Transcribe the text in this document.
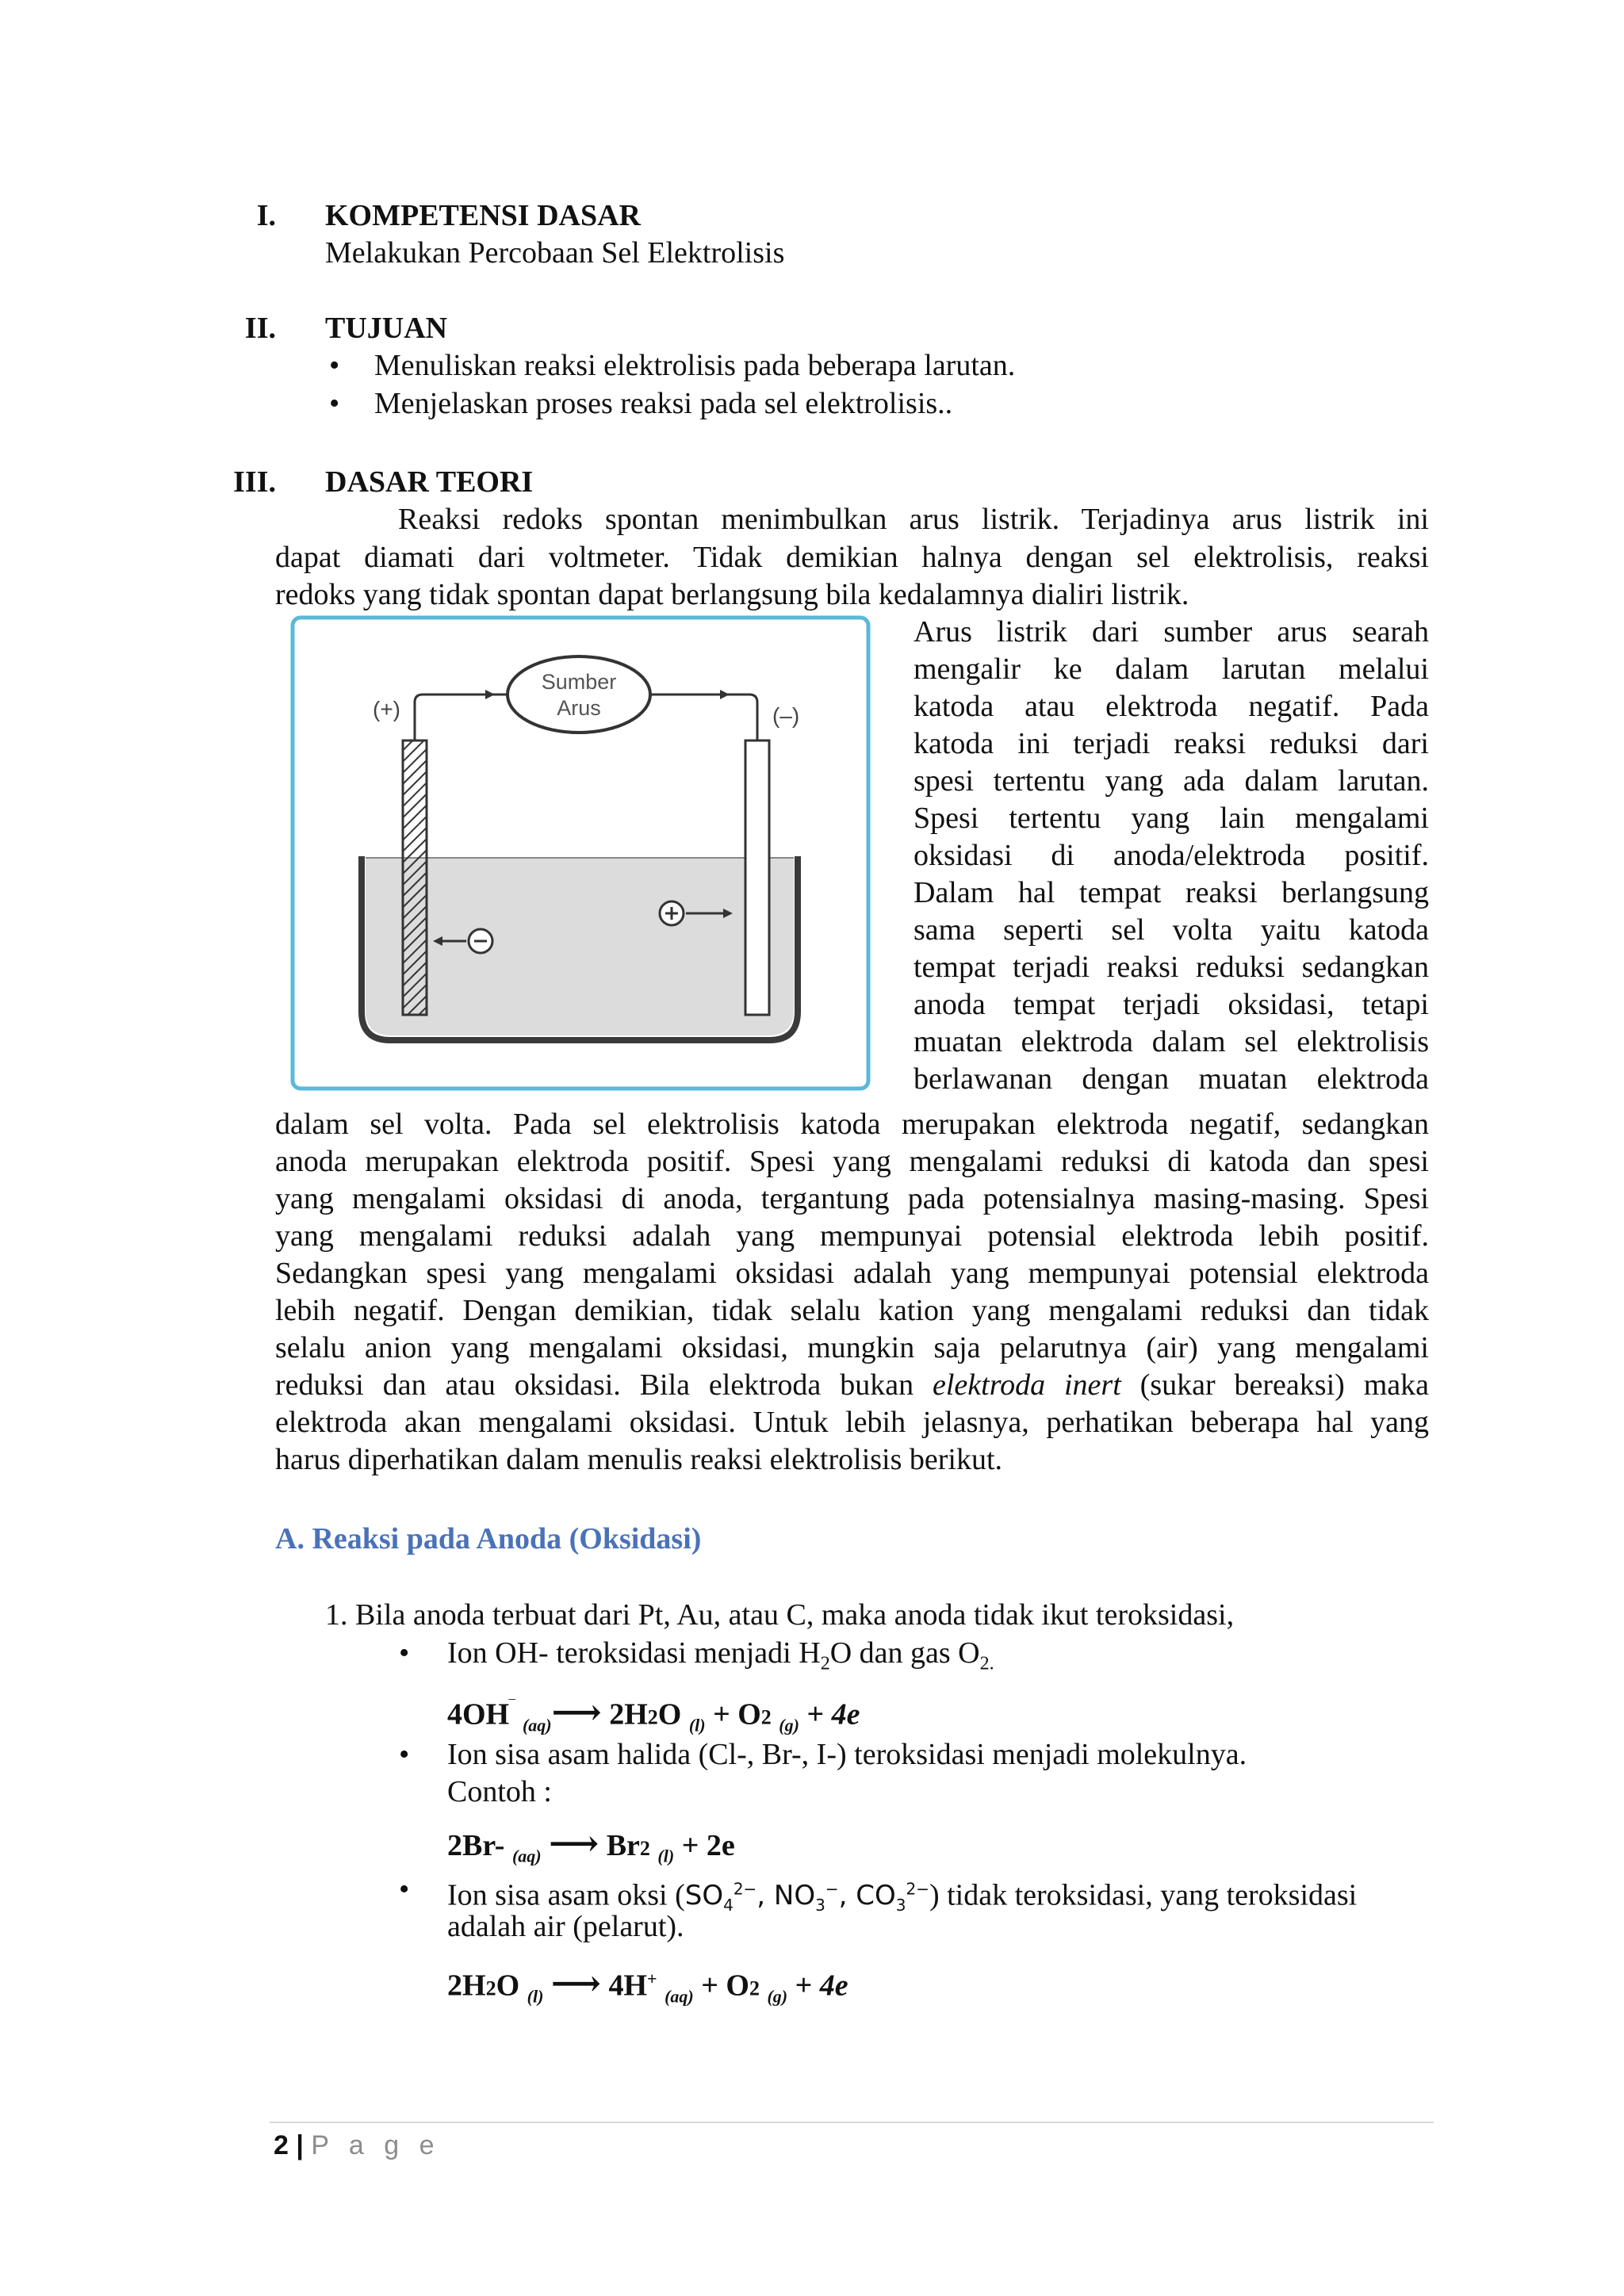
I. KOMPETENSI DASAR
Melakukan Percobaan Sel Elektrolisis
II. TUJUAN
• Menuliskan reaksi elektrolisis pada beberapa larutan.
• Menjelaskan proses reaksi pada sel elektrolisis..
III. DASAR TEORI
Reaksi redoks spontan menimbulkan arus listrik. Terjadinya arus listrik ini
dapat diamati dari voltmeter. Tidak demikian halnya dengan sel elektrolisis, reaksi
redoks yang tidak spontan dapat berlangsung bila kedalamnya dialiri listrik.
Arus listrik dari sumber arus searah
mengalir ke dalam larutan melalui
katoda atau elektroda negatif. Pada
katoda ini terjadi reaksi reduksi dari
spesi tertentu yang ada dalam larutan.
Spesi tertentu yang lain mengalami
oksidasi di anoda/elektroda positif.
Dalam hal tempat reaksi berlangsung
sama seperti sel volta yaitu katoda
tempat terjadi reaksi reduksi sedangkan
anoda tempat terjadi oksidasi, tetapi
muatan elektroda dalam sel elektrolisis
berlawanan dengan muatan elektroda
Sumber
Arus
(+)	(–)
dalam sel volta. Pada sel elektrolisis katoda merupakan elektroda negatif, sedangkan
anoda merupakan elektroda positif. Spesi yang mengalami reduksi di katoda dan spesi
yang mengalami oksidasi di anoda, tergantung pada potensialnya masing-masing. Spesi
yang mengalami reduksi adalah yang mempunyai potensial elektroda lebih positif.
Sedangkan spesi yang mengalami oksidasi adalah yang mempunyai potensial elektroda
lebih negatif. Dengan demikian, tidak selalu kation yang mengalami reduksi dan tidak
selalu anion yang mengalami oksidasi, mungkin saja pelarutnya (air) yang mengalami
reduksi dan atau oksidasi. Bila elektroda bukan elektroda inert (sukar bereaksi) maka
elektroda akan mengalami oksidasi. Untuk lebih jelasnya, perhatikan beberapa hal yang
harus diperhatikan dalam menulis reaksi elektrolisis berikut.
A. Reaksi pada Anoda (Oksidasi)
1. Bila anoda terbuat dari Pt, Au, atau C, maka anoda tidak ikut teroksidasi,
• Ion OH- teroksidasi menjadi $H_2O$ dan gas $O_{2.}$
4OH‾ $_{(aq)}$⟶ 2H2O $_{(l)}$ + O2 $_{(g)}$ + 4e
• Ion sisa asam halida (Cl-, Br-, I-) teroksidasi menjadi molekulnya.
Contoh :
2Br- $_{(aq)}$ ⟶ Br2 $_{(l)}$ + 2e
• Ion sisa asam oksi ($SO_4^{2-}$, $NO_3^-$, $CO_3^{2-}$) tidak teroksidasi, yang teroksidasi
adalah air (pelarut).
2H2O $_{(l)}$ ⟶ 4H+ $_{(aq)}$ + O2 $_{(g)}$ + 4e
2 | P a g e
